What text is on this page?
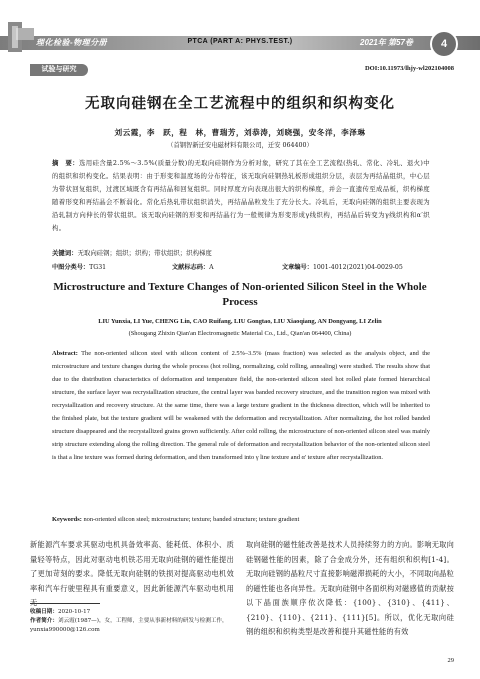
理化检验-物理分册	PTCA (PART A: PHYS.TEST.)	2021年 第57卷	4
试验与研究	DOI:10.11973/lhjy-wl202104008
无取向硅钢在全工艺流程中的组织和织构变化
刘云霞，李　跃，程　林，曹瑞芳，刘恭涛，刘晓强，安冬洋，李泽琳
（首钢智新迁安电磁材料有限公司，迁安 064400）
摘　要：选用硅含量2.5%～3.5%(质量分数)的无取向硅钢作为分析对象，研究了其在全工艺流程(热轧、常化、冷轧、退火)中的组织和织构变化。结果表明：由于形变和温度场的分布特征，该无取向硅钢热轧板形成组织分层，表层为再结晶组织，中心层为带状回复组织，过渡区域既含有再结晶和回复组织。同时厚度方向表现出很大的织构梯度，并会一直遗传至成品板，织构梯度随着形变和再结晶会不断弱化。常化后热轧带状组织消失，再结晶晶粒发生了充分长大。冷轧后，无取向硅钢的组织主要表现为沿轧制方向伸长的带状组织。该无取向硅钢的形变和再结晶行为一般规律为形变形成γ线织构，再结晶后转变为γ线织构和α′织构。
关键词：无取向硅钢；组织；织构；带状组织；织构梯度
中图分类号：TG31	文献标志码：A	文章编号：1001-4012(2021)04-0029-05
Microstructure and Texture Changes of Non-oriented Silicon Steel in the Whole Process
LIU Yunxia, LI Yue, CHENG Lin, CAO Ruifang, LIU Gongtao, LIU Xiaoqiang, AN Dongyang, LI Zelin
(Shougang Zhixin Qian'an Electromagnetic Material Co., Ltd., Qian'an 064400, China)
Abstract: The non-oriented silicon steel with silicon content of 2.5%–3.5% (mass fraction) was selected as the analysis object, and the microstructure and texture changes during the whole process (hot rolling, normalizing, cold rolling, annealing) were studied. The results show that due to the distribution characteristics of deformation and temperature field, the non-oriented silicon steel hot rolled plate formed hierarchical structure, the surface layer was recrystallization structure, the central layer was banded recovery structure, and the transition region was mixed with recrystallization and recovery structure. At the same time, there was a large texture gradient in the thickness direction, which will be inherited to the finished plate, but the texture gradient will be weakened with the deformation and recrystallization. After normalizing, the hot rolled banded structure disappeared and the recrystallized grains grown sufficiently. After cold rolling, the microstructure of non-oriented silicon steel was mainly strip structure extending along the rolling direction. The general rule of deformation and recrystallization behavior of the non-oriented silicon steel is that a line texture was formed during deformation, and then transformed into γ line texture and α' texture after recrystallization.
Keywords: non-oriented silicon steel; microstructure; texture; banded structure; texture gradient
新能源汽车要求其驱动电机具备效率高、能耗低、体积小、质量轻等特点，因此对驱动电机铁芯用无取向硅钢的磁性能提出了更加苛刻的要求。降低无取向硅钢的铁损对提高驱动电机效率和汽车行驶里程具有重要意义，因此新能源汽车驱动电机用无
取向硅钢的磁性能改善是技术人员持续努力的方向。影响无取向硅钢磁性能的因素，除了合金成分外，还有组织和织构[1-4]。无取向硅钢的晶粒尺寸直接影响磁滞损耗的大小，不同取向晶粒的磁性能也各向异性。无取向硅钢中各面织构对磁感值的贡献按以下晶面族顺序依次降低：{100}、{310}、{411}、{210}、{110}、{211}、{111}[5]。所以，优化无取向硅钢的组织和织构类型是改善和提升其磁性能的有效
收稿日期：2020-10-17
作者简介：刘云霞(1987—)，女，工程师，主要从事新材料的研发与检测工作，yunxia990000@126.com
29
